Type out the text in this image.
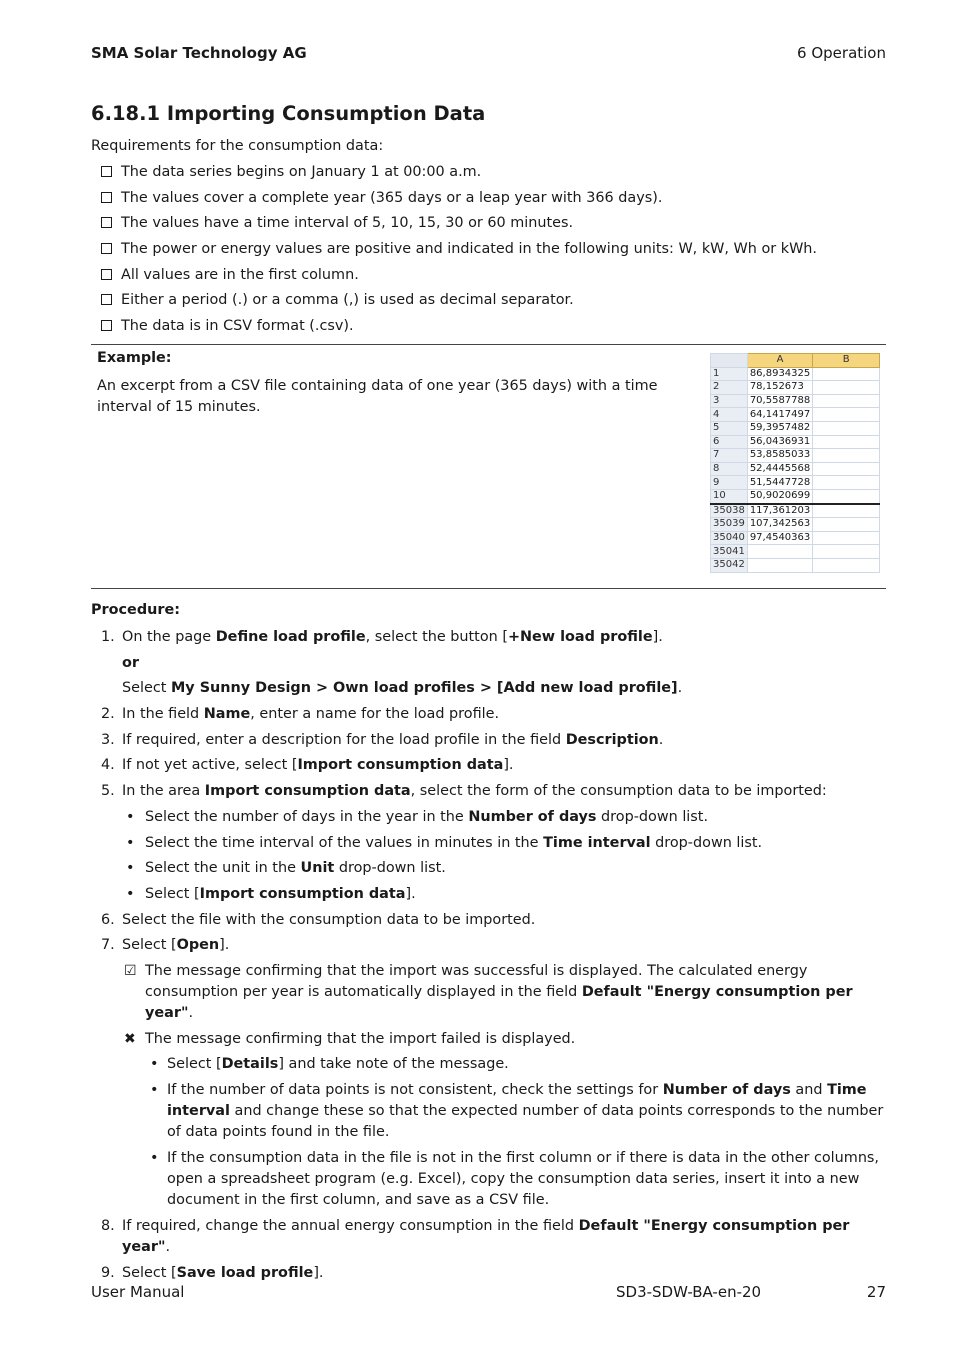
SMA Solar Technology AG	6 Operation
6.18.1 Importing Consumption Data

Requirements for the consumption data:

The data series begins on January 1 at 00:00 a.m.
The values cover a complete year (365 days or a leap year with 366 days).
The values have a time interval of 5, 10, 15, 30 or 60 minutes.
The power or energy values are positive and indicated in the following units: W, kW, Wh or kWh.
All values are in the first column.
Either a period (.) or a comma (,) is used as decimal separator.
The data is in CSV format (.csv).
Example:
An excerpt from a CSV file containing data of one year (365 days) with a time interval of 15 minutes.
	A	B
1	86,8934325	
2	78,152673	
3	70,5587788	
4	64,1417497	
5	59,3957482	
6	56,0436931	
7	53,8585033	
8	52,4445568	
9	51,5447728	
10	50,9020699	
35038	117,361203	
35039	107,342563	
35040	97,4540363	
35041		
35042		
Procedure:
1. On the page Define load profile, select the button [+New load profile].
or
Select My Sunny Design > Own load profiles > [Add new load profile].
2. In the field Name, enter a name for the load profile.
3. If required, enter a description for the load profile in the field Description.
4. If not yet active, select [Import consumption data].
5. In the area Import consumption data, select the form of the consumption data to be imported:
• Select the number of days in the year in the Number of days drop-down list.
• Select the time interval of the values in minutes in the Time interval drop-down list.
• Select the unit in the Unit drop-down list.
• Select [Import consumption data].
6. Select the file with the consumption data to be imported.
7. Select [Open].
☑ The message confirming that the import was successful is displayed. The calculated energy consumption per year is automatically displayed in the field Default "Energy consumption per year".
✖ The message confirming that the import failed is displayed.
• Select [Details] and take note of the message.
• If the number of data points is not consistent, check the settings for Number of days and Time interval and change these so that the expected number of data points corresponds to the number of data points found in the file.
• If the consumption data in the file is not in the first column or if there is data in the other columns, open a spreadsheet program (e.g. Excel), copy the consumption data series, insert it into a new document in the first column, and save as a CSV file.
8. If required, change the annual energy consumption in the field Default "Energy consumption per year".
9. Select [Save load profile].
User Manual	SD3-SDW-BA-en-20	27
